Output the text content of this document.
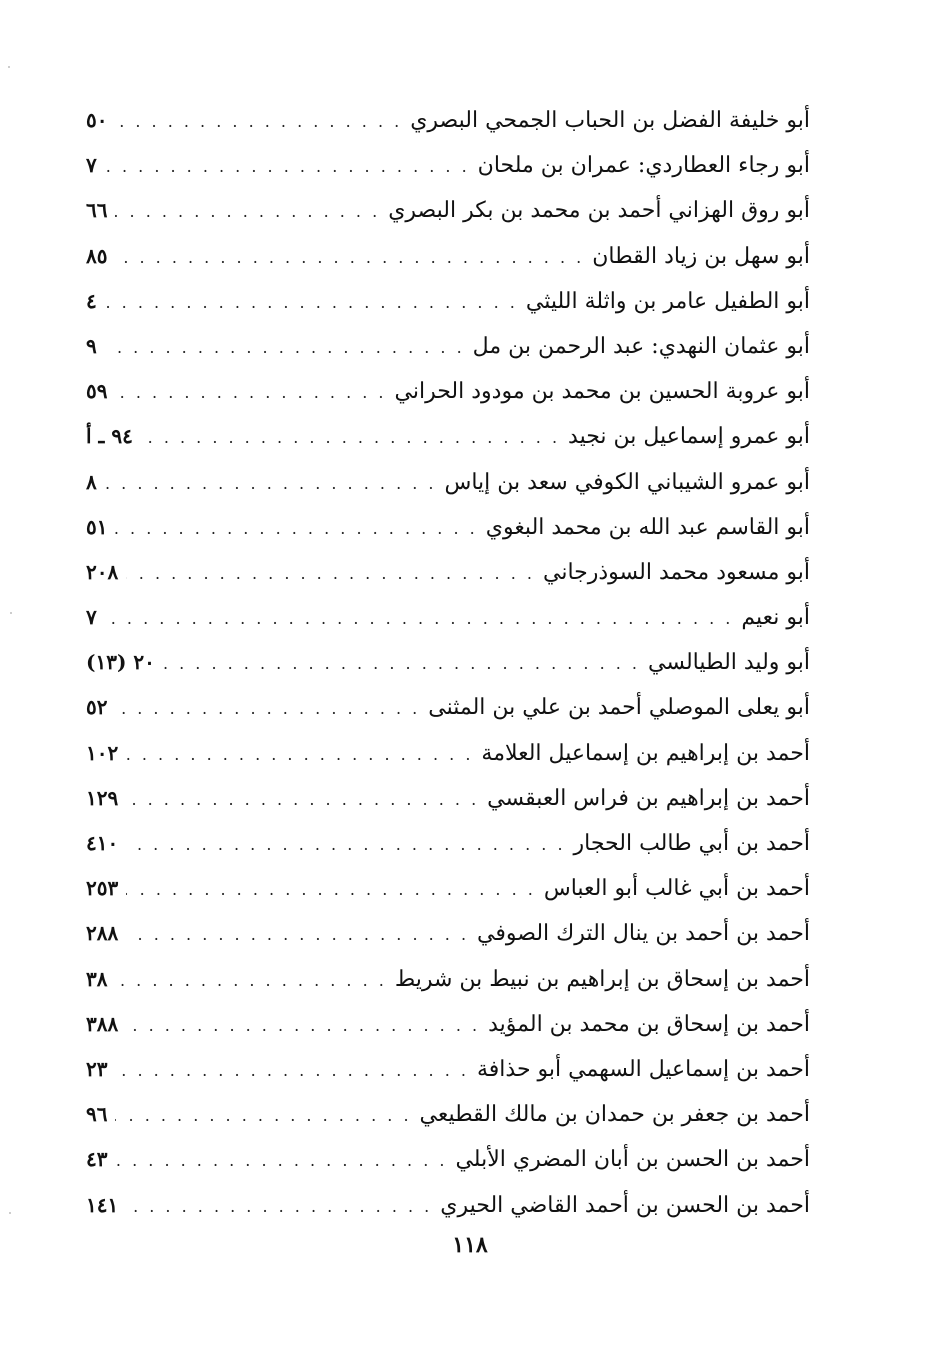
أبو خليفة الفضل بن الحباب الجمحي البصري
. . .
٥٠
أبو رجاء العطاردي: عمران بن ملحان
. . .
٧
أبو روق الهزاني أحمد بن محمد بن بكر البصري
. . .
٦٦
أبو سهل بن زياد القطان
. . .
٨٥
أبو الطفيل عامر بن واثلة الليثي
. . .
٤
أبو عثمان النهدي: عبد الرحمن بن مل
. . .
٩
أبو عروبة الحسين بن محمد بن مودود الحراني
. . .
٥٩
أبو عمرو إسماعيل بن نجيد
. . .
٩٤ ـ أ
أبو عمرو الشيباني الكوفي سعد بن إياس
. . .
٨
أبو القاسم عبد الله بن محمد البغوي
. . .
٥١
أبو مسعود محمد السوذرجاني
. . .
٢٠٨
أبو نعيم
. . .
٧
أبو وليد الطيالسي
. . .
٢٠ (١٣)
أبو يعلى الموصلي أحمد بن علي بن المثنى
. . .
٥٢
أحمد بن إبراهيم بن إسماعيل العلامة
. . .
١٠٢
أحمد بن إبراهيم بن فراس العبقسي
. . .
١٢٩
أحمد بن أبي طالب الحجار
. . .
٤١٠
أحمد بن أبي غالب أبو العباس
. . .
٢٥٣
أحمد بن أحمد بن ينال الترك الصوفي
. . .
٢٨٨
أحمد بن إسحاق بن إبراهيم بن نبيط بن شريط
. . .
٣٨
أحمد بن إسحاق بن محمد بن المؤيد
. . .
٣٨٨
أحمد بن إسماعيل السهمي أبو حذافة
. . .
٢٣
أحمد بن جعفر بن حمدان بن مالك القطيعي
. . .
٩٦
أحمد بن الحسن بن أبان المضري الأبلي
. . .
٤٣
أحمد بن الحسن بن أحمد القاضي الحيري
. . .
١٤١
١١٨
